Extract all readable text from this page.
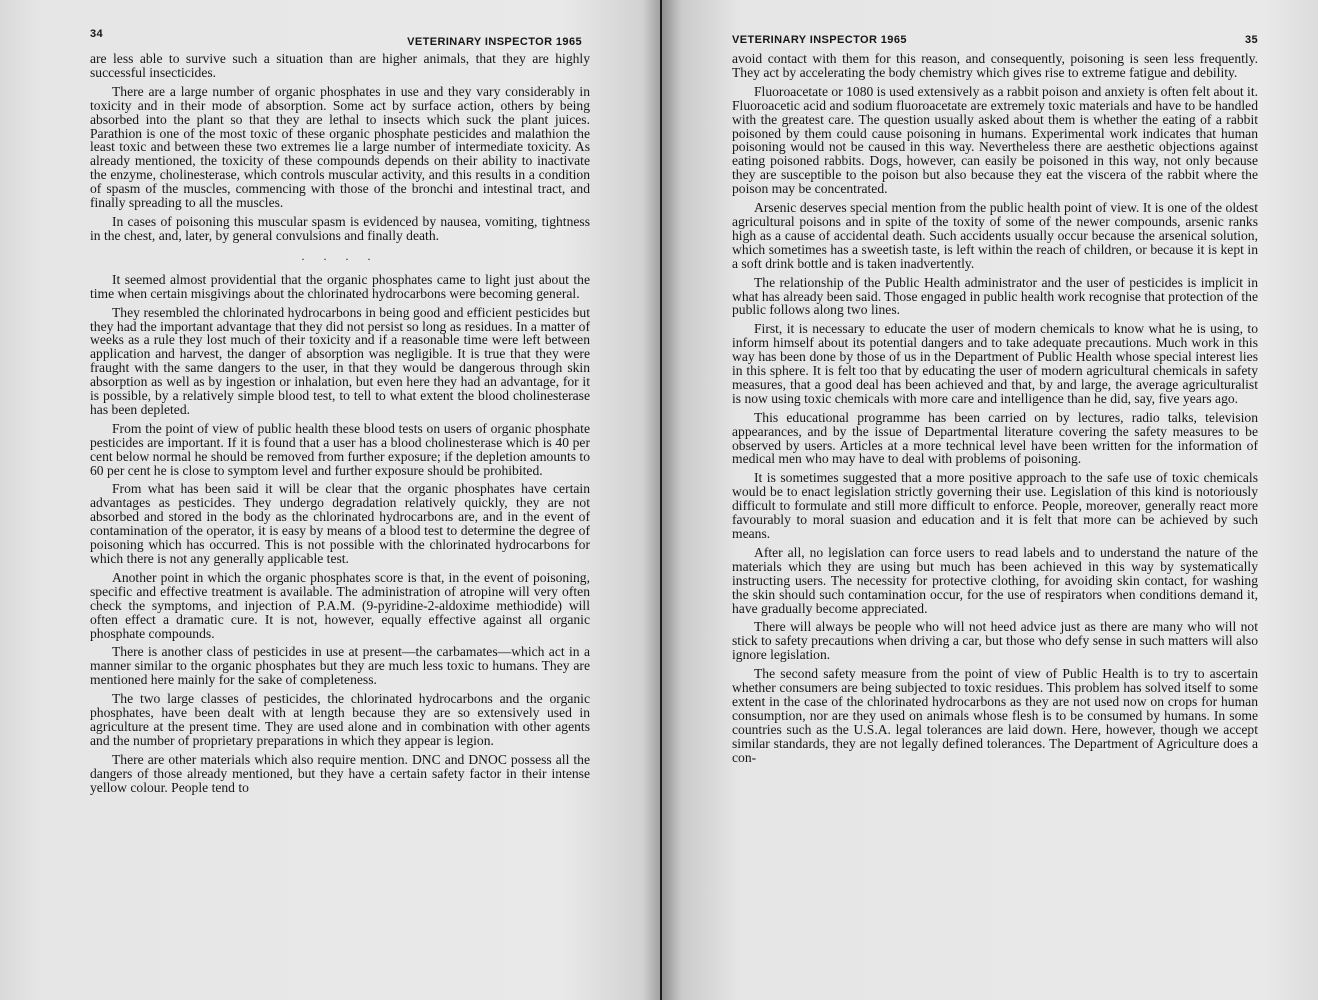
34
VETERINARY INSPECTOR 1965

are less able to survive such a situation than are higher animals, that they are highly successful insecticides.

There are a large number of organic phosphates in use and they vary considerably in toxicity and in their mode of absorption. Some act by surface action, others by being absorbed into the plant so that they are lethal to insects which suck the plant juices. Parathion is one of the most toxic of these organic phosphate pesticides and malathion the least toxic and between these two extremes lie a large number of intermediate toxicity. As already mentioned, the toxicity of these compounds depends on their ability to inactivate the enzyme, cholinesterase, which controls muscular activity, and this results in a condition of spasm of the muscles, commencing with those of the bronchi and intestinal tract, and finally spreading to all the muscles.

In cases of poisoning this muscular spasm is evidenced by nausea, vomiting, tightness in the chest, and, later, by general convulsions and finally death.

. . . .

It seemed almost providential that the organic phosphates came to light just about the time when certain misgivings about the chlorinated hydrocarbons were becoming general.

They resembled the chlorinated hydrocarbons in being good and efficient pesticides but they had the important advantage that they did not persist so long as residues. In a matter of weeks as a rule they lost much of their toxicity and if a reasonable time were left between application and harvest, the danger of absorption was negligible. It is true that they were fraught with the same dangers to the user, in that they would be dangerous through skin absorption as well as by ingestion or inhalation, but even here they had an advantage, for it is possible, by a relatively simple blood test, to tell to what extent the blood cholinesterase has been depleted.

From the point of view of public health these blood tests on users of organic phosphate pesticides are important. If it is found that a user has a blood cholinesterase which is 40 per cent below normal he should be removed from further exposure; if the depletion amounts to 60 per cent he is close to symptom level and further exposure should be prohibited.

From what has been said it will be clear that the organic phosphates have certain advantages as pesticides. They undergo degradation relatively quickly, they are not absorbed and stored in the body as the chlorinated hydrocarbons are, and in the event of contamination of the operator, it is easy by means of a blood test to determine the degree of poisoning which has occurred. This is not possible with the chlorinated hydrocarbons for which there is not any generally applicable test.

Another point in which the organic phosphates score is that, in the event of poisoning, specific and effective treatment is available. The administration of atropine will very often check the symptoms, and injection of P.A.M. (9-pyridine-2-aldoxime methiodide) will often effect a dramatic cure. It is not, however, equally effective against all organic phosphate compounds.

There is another class of pesticides in use at present—the carbamates—which act in a manner similar to the organic phosphates but they are much less toxic to humans. They are mentioned here mainly for the sake of completeness.

The two large classes of pesticides, the chlorinated hydrocarbons and the organic phosphates, have been dealt with at length because they are so extensively used in agriculture at the present time. They are used alone and in combination with other agents and the number of proprietary preparations in which they appear is legion.

There are other materials which also require mention. DNC and DNOC possess all the dangers of those already mentioned, but they have a certain safety factor in their intense yellow colour. People tend to

VETERINARY INSPECTOR 1965	35

avoid contact with them for this reason, and consequently, poisoning is seen less frequently. They act by accelerating the body chemistry which gives rise to extreme fatigue and debility.

Fluoroacetate or 1080 is used extensively as a rabbit poison and anxiety is often felt about it. Fluoroacetic acid and sodium fluoroacetate are extremely toxic materials and have to be handled with the greatest care. The question usually asked about them is whether the eating of a rabbit poisoned by them could cause poisoning in humans. Experimental work indicates that human poisoning would not be caused in this way. Nevertheless there are aesthetic objections against eating poisoned rabbits. Dogs, however, can easily be poisoned in this way, not only because they are susceptible to the poison but also because they eat the viscera of the rabbit where the poison may be concentrated.

Arsenic deserves special mention from the public health point of view. It is one of the oldest agricultural poisons and in spite of the toxity of some of the newer compounds, arsenic ranks high as a cause of accidental death. Such accidents usually occur because the arsenical solution, which sometimes has a sweetish taste, is left within the reach of children, or because it is kept in a soft drink bottle and is taken inadvertently.

The relationship of the Public Health administrator and the user of pesticides is implicit in what has already been said. Those engaged in public health work recognise that protection of the public follows along two lines.

First, it is necessary to educate the user of modern chemicals to know what he is using, to inform himself about its potential dangers and to take adequate precautions. Much work in this way has been done by those of us in the Department of Public Health whose special interest lies in this sphere. It is felt too that by educating the user of modern agricultural chemicals in safety measures, that a good deal has been achieved and that, by and large, the average agriculturalist is now using toxic chemicals with more care and intelligence than he did, say, five years ago.

This educational programme has been carried on by lectures, radio talks, television appearances, and by the issue of Departmental literature covering the safety measures to be observed by users. Articles at a more technical level have been written for the information of medical men who may have to deal with problems of poisoning.

It is sometimes suggested that a more positive approach to the safe use of toxic chemicals would be to enact legislation strictly governing their use. Legislation of this kind is notoriously difficult to formulate and still more difficult to enforce. People, moreover, generally react more favourably to moral suasion and education and it is felt that more can be achieved by such means.

After all, no legislation can force users to read labels and to understand the nature of the materials which they are using but much has been achieved in this way by systematically instructing users. The necessity for protective clothing, for avoiding skin contact, for washing the skin should such contamination occur, for the use of respirators when conditions demand it, have gradually become appreciated.

There will always be people who will not heed advice just as there are many who will not stick to safety precautions when driving a car, but those who defy sense in such matters will also ignore legislation.

The second safety measure from the point of view of Public Health is to try to ascertain whether consumers are being subjected to toxic residues. This problem has solved itself to some extent in the case of the chlorinated hydrocarbons as they are not used now on crops for human consumption, nor are they used on animals whose flesh is to be consumed by humans. In some countries such as the U.S.A. legal tolerances are laid down. Here, however, though we accept similar standards, they are not legally defined tolerances. The Department of Agriculture does a con-
